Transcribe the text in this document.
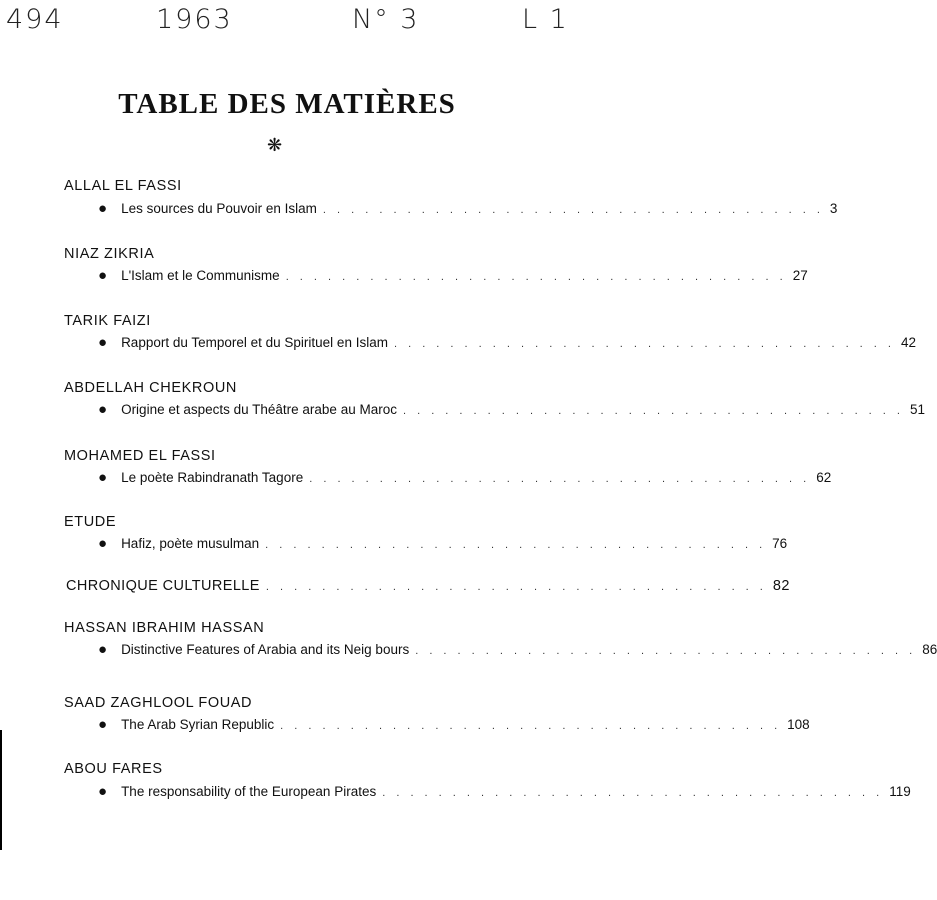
494	1963	N° 3	L 1
TABLE DES MATIÈRES
❋
ALLAL EL FASSI
● Les sources du Pouvoir en Islam . . . . . . . . . . . . . . . . . . . . . . . . . . . . . . . . . . . . 3
NIAZ ZIKRIA
● L'Islam et le Communisme . . . . . . . . . . . . . . . . . . . . . . . . . . . . . . . . . . . . 27
TARIK FAIZI
● Rapport du Temporel et du Spirituel en Islam . . . . . . . . . . . . . . . . . . . . . . . . . . . . . . . . . . . . 42
ABDELLAH CHEKROUN
● Origine et aspects du Théâtre arabe au Maroc . . . . . . . . . . . . . . . . . . . . . . . . . . . . . . . . . . . . 51
MOHAMED EL FASSI
● Le poète Rabindranath Tagore . . . . . . . . . . . . . . . . . . . . . . . . . . . . . . . . . . . . 62
ETUDE
● Hafiz, poète musulman . . . . . . . . . . . . . . . . . . . . . . . . . . . . . . . . . . . . 76
CHRONIQUE CULTURELLE . . . . . . . . . . . . . . . . . . . . . . . . . . . . . . . . . . . . 82
HASSAN IBRAHIM HASSAN
● Distinctive Features of Arabia and its Neig bours . . . . . . . . . . . . . . . . . . . . . . . . . . . . . . . . . . . . 86
SAAD ZAGHLOOL FOUAD
● The Arab Syrian Republic . . . . . . . . . . . . . . . . . . . . . . . . . . . . . . . . . . . . 108
ABOU FARES
● The responsability of the European Pirates . . . . . . . . . . . . . . . . . . . . . . . . . . . . . . . . . . . . 119
